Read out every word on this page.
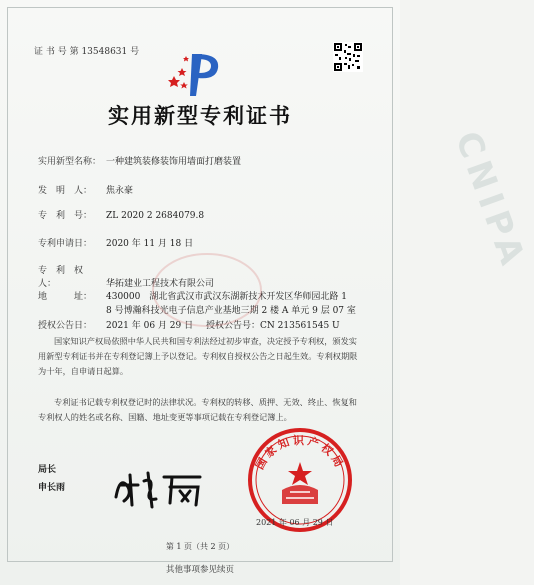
CNIPA
证 书 号 第 13548631 号
实用新型专利证书
实用新型名称： 一种建筑装修装饰用墙面打磨装置
发　明　人： 焦永豪
专　利　号： ZL 2020 2 2684079.8
专利申请日： 2020 年 11 月 18 日
专　利　权　人：	华拓建业工程技术有限公司
地　　　址： 430000　湖北省武汉市武汉东湖新技术开发区华师园北路 1
8 号博瀚科技光电子信息产业基地三期 2 楼 A 单元 9 层 07 室
授权公告日： 2021 年 06 月 29 日 授权公告号：CN 213561545 U
国家知识产权局依照中华人民共和国专利法经过初步审查，决定授予专利权，颁发实用新型专利证书并在专利登记簿上予以登记。专利权自授权公告之日起生效。专利权期限为十年，自申请日起算。
专利证书记载专利权登记时的法律状况。专利权的转移、质押、无效、终止、恢复和专利权人的姓名或名称、国籍、地址变更等事项记载在专利登记簿上。
局长
申长雨
国家知识产权局
2021 年 06 月 29 日
第 1 页（共 2 页）
其他事项参见续页
